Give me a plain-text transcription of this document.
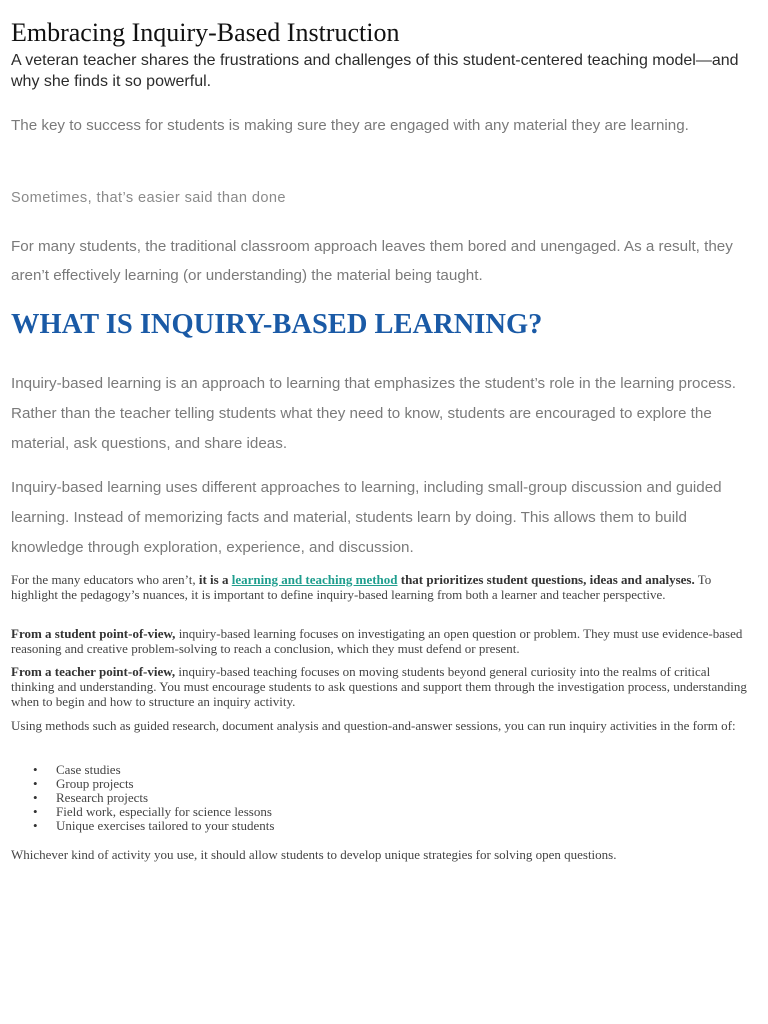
Embracing Inquiry-Based Instruction

A veteran teacher shares the frustrations and challenges of this student-centered teaching model—and why she finds it so powerful.

The key to success for students is making sure they are engaged with any material they are learning.

Sometimes, that’s easier said than done

For many students, the traditional classroom approach leaves them bored and unengaged. As a result, they aren’t effectively learning (or understanding) the material being taught.

WHAT IS INQUIRY-BASED LEARNING?

Inquiry-based learning is an approach to learning that emphasizes the student’s role in the learning process. Rather than the teacher telling students what they need to know, students are encouraged to explore the material, ask questions, and share ideas.

Inquiry-based learning uses different approaches to learning, including small-group discussion and guided learning. Instead of memorizing facts and material, students learn by doing. This allows them to build knowledge through exploration, experience, and discussion.

For the many educators who aren’t, it is a learning and teaching method that prioritizes student questions, ideas and analyses. To highlight the pedagogy’s nuances, it is important to define inquiry-based learning from both a learner and teacher perspective.

From a student point-of-view, inquiry-based learning focuses on investigating an open question or problem. They must use evidence-based reasoning and creative problem-solving to reach a conclusion, which they must defend or present.

From a teacher point-of-view, inquiry-based teaching focuses on moving students beyond general curiosity into the realms of critical thinking and understanding. You must encourage students to ask questions and support them through the investigation process, understanding when to begin and how to structure an inquiry activity.

Using methods such as guided research, document analysis and question-and-answer sessions, you can run inquiry activities in the form of:

• Case studies
• Group projects
• Research projects
• Field work, especially for science lessons
• Unique exercises tailored to your students

Whichever kind of activity you use, it should allow students to develop unique strategies for solving open questions.
